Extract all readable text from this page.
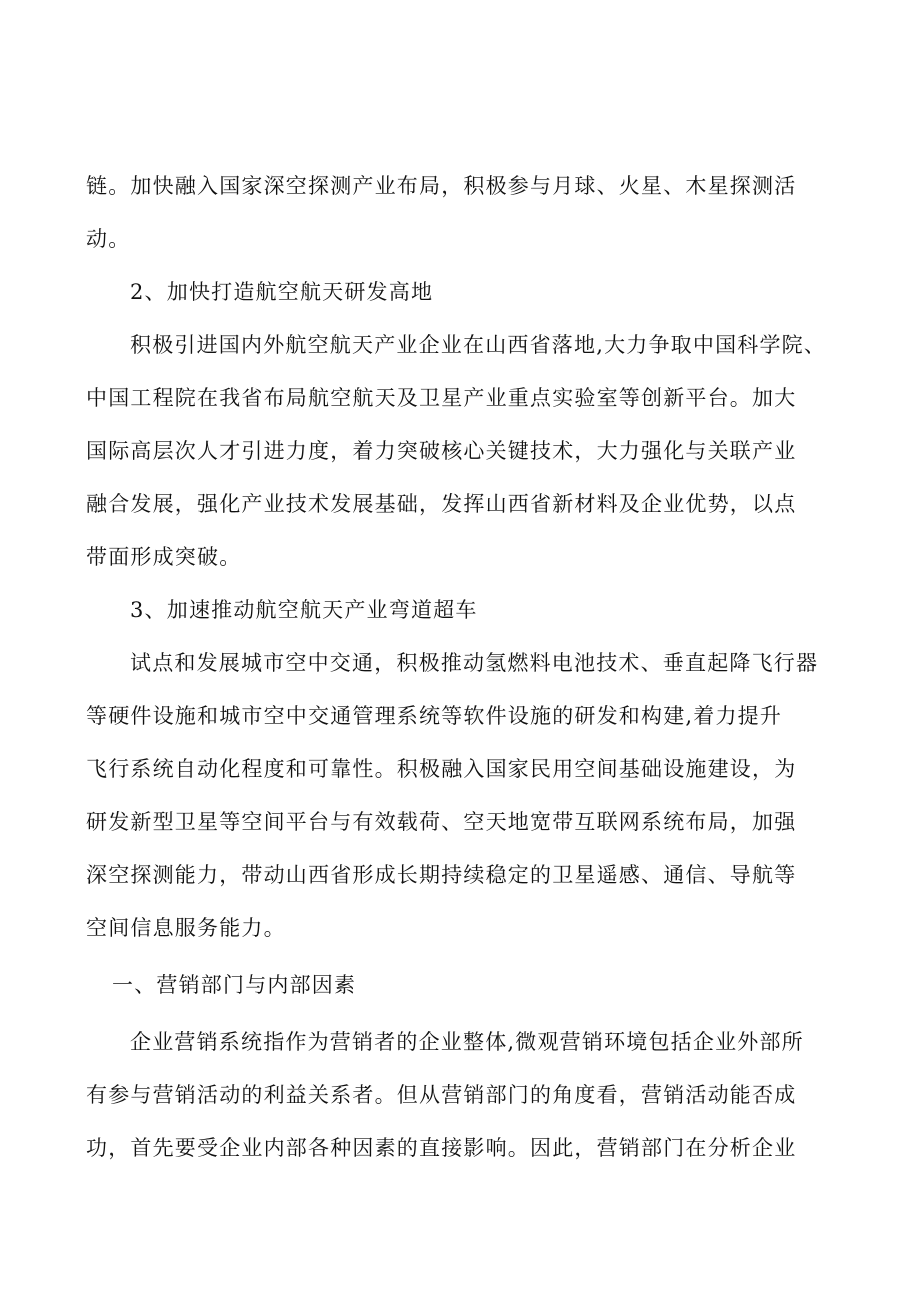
链。加快融入国家深空探测产业布局，积极参与月球、火星、木星探测活
动。
2、加快打造航空航天研发高地
积极引进国内外航空航天产业企业在山西省落地,大力争取中国科学院、
中国工程院在我省布局航空航天及卫星产业重点实验室等创新平台。加大
国际高层次人才引进力度，着力突破核心关键技术，大力强化与关联产业
融合发展，强化产业技术发展基础，发挥山西省新材料及企业优势，以点
带面形成突破。
3、加速推动航空航天产业弯道超车
试点和发展城市空中交通，积极推动氢燃料电池技术、垂直起降飞行器
等硬件设施和城市空中交通管理系统等软件设施的研发和构建,着力提升
飞行系统自动化程度和可靠性。积极融入国家民用空间基础设施建设，为
研发新型卫星等空间平台与有效载荷、空天地宽带互联网系统布局，加强
深空探测能力，带动山西省形成长期持续稳定的卫星遥感、通信、导航等
空间信息服务能力。
一、营销部门与内部因素
企业营销系统指作为营销者的企业整体,微观营销环境包括企业外部所
有参与营销活动的利益关系者。但从营销部门的角度看，营销活动能否成
功，首先要受企业内部各种因素的直接影响。因此，营销部门在分析企业
